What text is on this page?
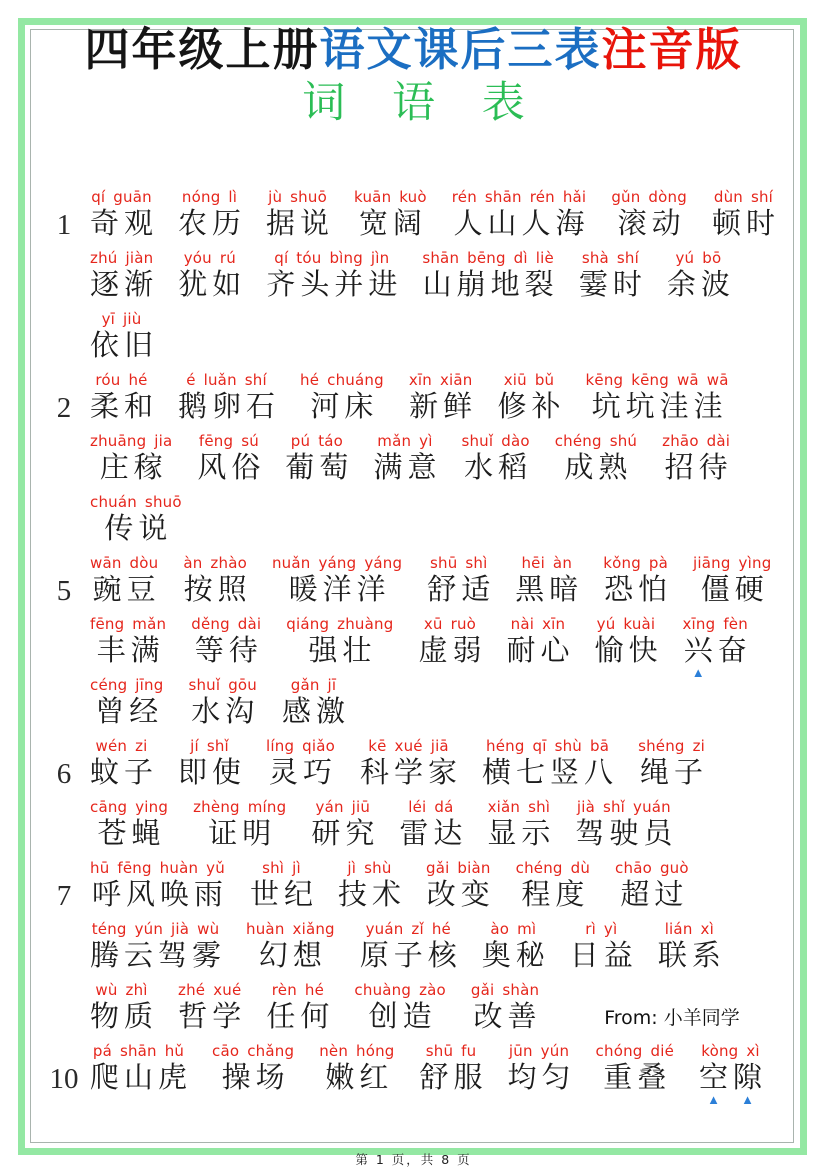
四年级上册语文课后三表注音版
词 语 表
1
qí guān
奇观
nóng lì
农历
jù shuō
据说
kuān kuò
宽阔
rén shān rén hǎi
人山人海
gǔn dòng
滚动
dùn shí
顿时
zhú jiàn
逐渐
yóu rú
犹如
qí tóu bìng jìn
齐头并进
shān bēng dì liè
山崩地裂
shà shí
霎时
yú bō
余波
yī jiù
依旧
2
róu hé
柔和
é luǎn shí
鹅卵石
hé chuáng
河床
xīn xiān
新鲜
xiū bǔ
修补
kēng kēng wā wā
坑坑洼洼
zhuāng jia
庄稼
fēng sú
风俗
pú táo
葡萄
mǎn yì
满意
shuǐ dào
水稻
chéng shú
成熟
zhāo dài
招待
chuán shuō
传说
5
wān dòu
豌豆
àn zhào
按照
nuǎn yáng yáng
暖洋洋
shū shì
舒适
hēi àn
黑暗
kǒng pà
恐怕
jiāng yìng
僵硬
fēng mǎn
丰满
děng dài
等待
qiáng zhuàng
强壮
xū ruò
虚弱
nài xīn
耐心
yú kuài
愉快
xīng fèn
兴奋
▲
céng jīng
曾经
shuǐ gōu
水沟
gǎn jī
感激
6
wén zi
蚊子
jí shǐ
即使
líng qiǎo
灵巧
kē xué jiā
科学家
héng qī shù bā
横七竖八
shéng zi
绳子
cāng ying
苍蝇
zhèng míng
证明
yán jiū
研究
léi dá
雷达
xiǎn shì
显示
jià shǐ yuán
驾驶员
7
hū fēng huàn yǔ
呼风唤雨
shì jì
世纪
jì shù
技术
gǎi biàn
改变
chéng dù
程度
chāo guò
超过
téng yún jià wù
腾云驾雾
huàn xiǎng
幻想
yuán zǐ hé
原子核
ào mì
奥秘
rì yì
日益
lián xì
联系
wù zhì
物质
zhé xué
哲学
rèn hé
任何
chuàng zào
创造
gǎi shàn
改善	From: 小羊同学
10
pá shān hǔ
爬山虎
cāo chǎng
操场
nèn hóng
嫩红
shū fu
舒服
jūn yún
均匀
chóng dié
重叠
kòng xì
空隙
▲	▲
第 1 页，共 8 页
